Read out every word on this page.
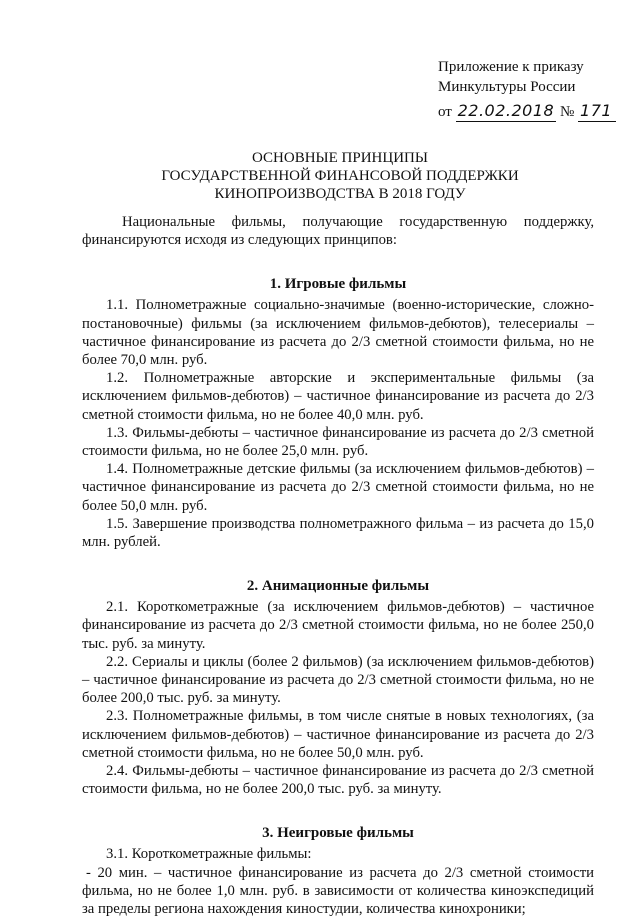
Приложение к приказу
Минкультуры России
от 22.02.2018 № 171
ОСНОВНЫЕ ПРИНЦИПЫ
ГОСУДАРСТВЕННОЙ ФИНАНСОВОЙ ПОДДЕРЖКИ
КИНОПРОИЗВОДСТВА В 2018 ГОДУ

Национальные фильмы, получающие государственную поддержку, финансируются исходя из следующих принципов:

1. Игровые фильмы

1.1. Полнометражные социально-значимые (военно-исторические, сложно-постановочные) фильмы (за исключением фильмов-дебютов), телесериалы – частичное финансирование из расчета до 2/3 сметной стоимости фильма, но не более 70,0 млн. руб.

1.2. Полнометражные авторские и экспериментальные фильмы (за исключением фильмов-дебютов) – частичное финансирование из расчета до 2/3 сметной стоимости фильма, но не более 40,0 млн. руб.

1.3. Фильмы-дебюты – частичное финансирование из расчета до 2/3 сметной стоимости фильма, но не более 25,0 млн. руб.

1.4. Полнометражные детские фильмы (за исключением фильмов-дебютов) – частичное финансирование из расчета до 2/3 сметной стоимости фильма, но не более 50,0 млн. руб.

1.5. Завершение производства полнометражного фильма – из расчета до 15,0 млн. рублей.

2. Анимационные фильмы

2.1. Короткометражные (за исключением фильмов-дебютов) – частичное финансирование из расчета до 2/3 сметной стоимости фильма, но не более 250,0 тыс. руб. за минуту.

2.2. Сериалы и циклы (более 2 фильмов) (за исключением фильмов-дебютов) – частичное финансирование из расчета до 2/3 сметной стоимости фильма, но не более 200,0 тыс. руб. за минуту.

2.3. Полнометражные фильмы, в том числе снятые в новых технологиях, (за исключением фильмов-дебютов) – частичное финансирование из расчета до 2/3 сметной стоимости фильма, но не более 50,0 млн. руб.

2.4. Фильмы-дебюты – частичное финансирование из расчета до 2/3 сметной стоимости фильма, но не более 200,0 тыс. руб. за минуту.

3. Неигровые фильмы

3.1. Короткометражные фильмы:

- 20 мин. – частичное финансирование из расчета до 2/3 сметной стоимости фильма, но не более 1,0 млн. руб. в зависимости от количества киноэкспедиций за пределы региона нахождения киностудии, количества кинохроники;
